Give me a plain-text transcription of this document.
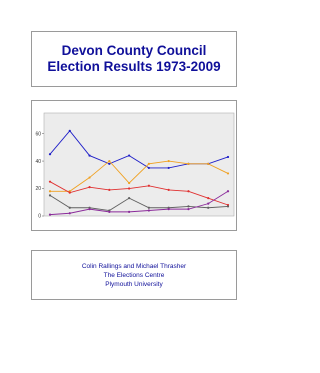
Devon County Council
Election Results 1973-2009
0
20
40
60
Colin Rallings and Michael Thrasher
The Elections Centre
Plymouth University
